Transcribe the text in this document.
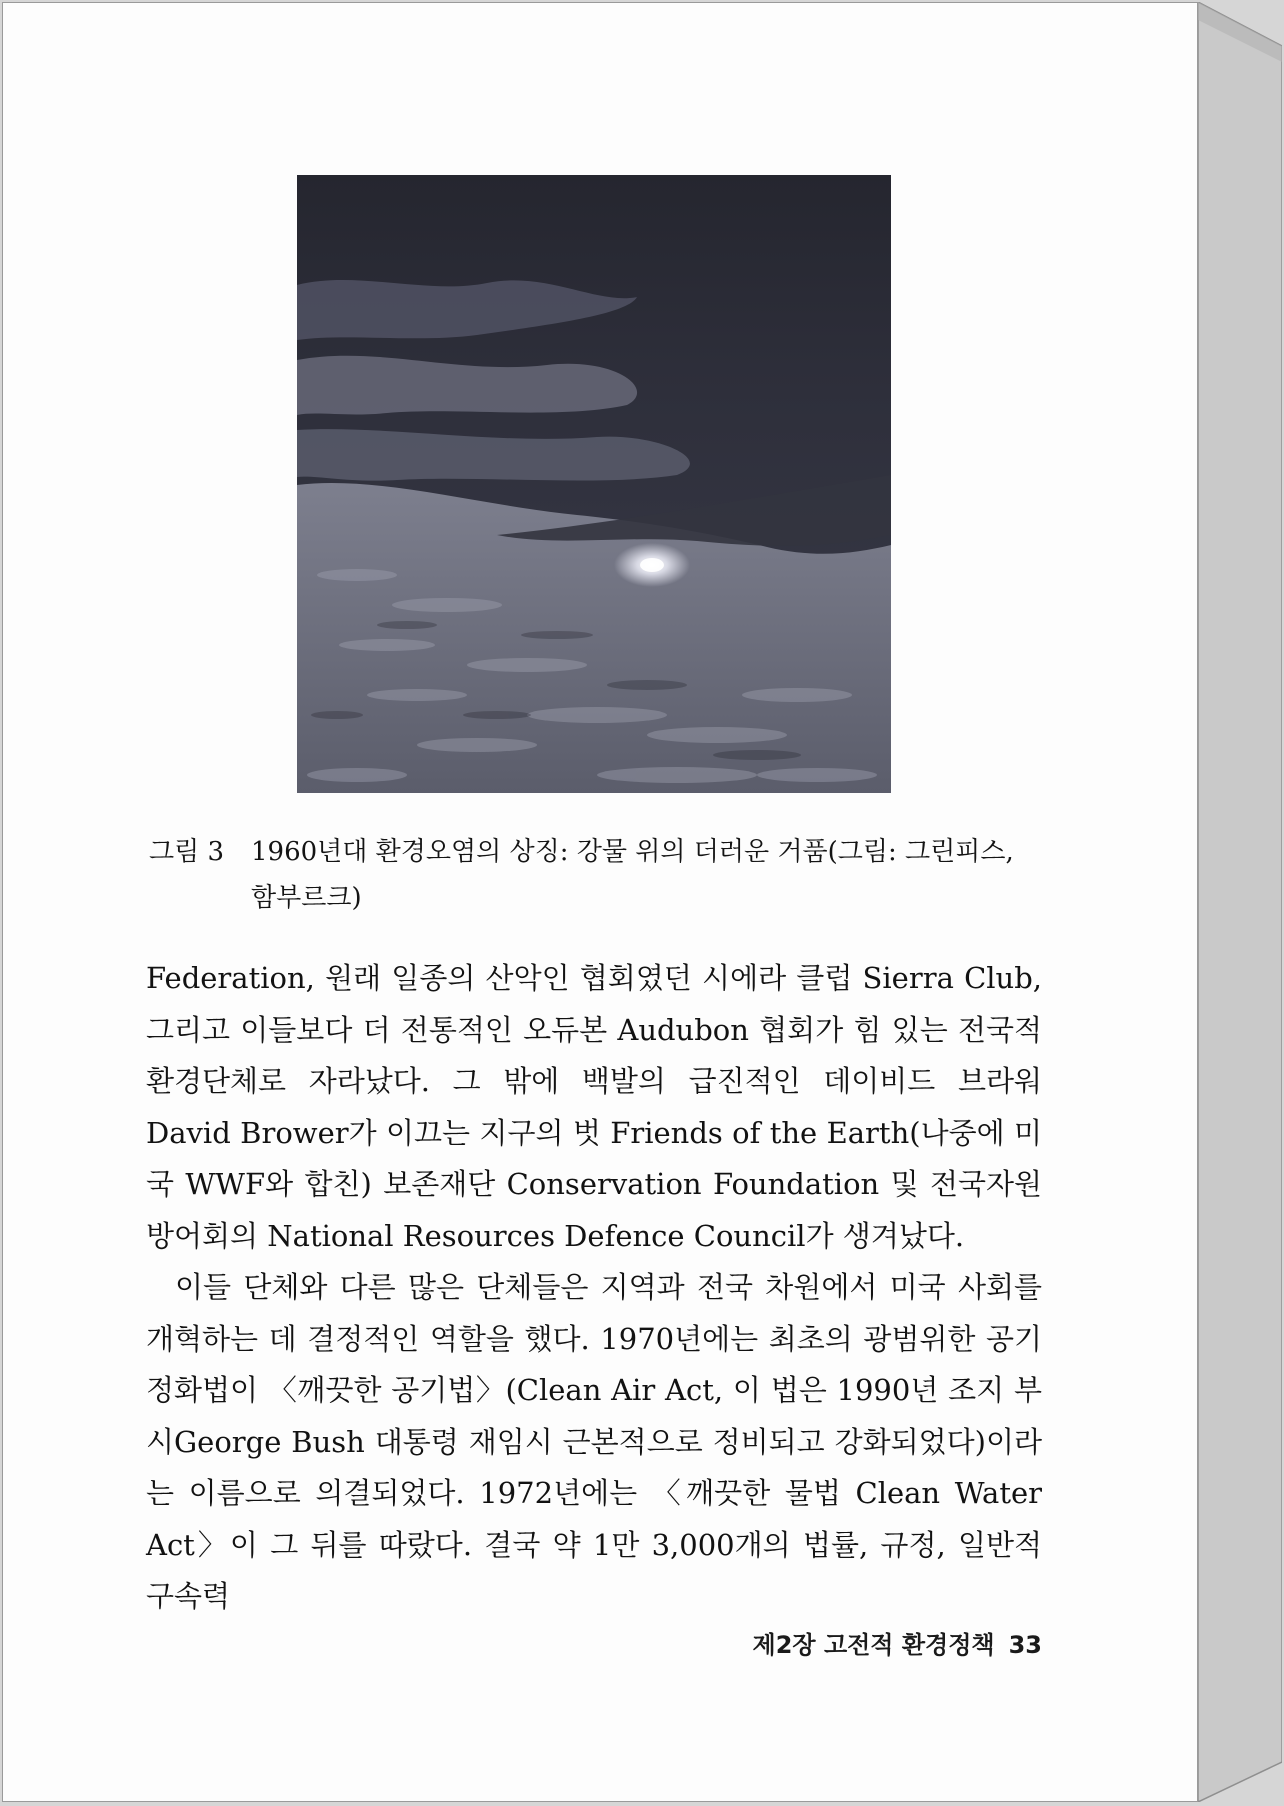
그림 3 1960년대 환경오염의 상징: 강물 위의 더러운 거품(그림: 그린피스, 함부르크)

Federation, 원래 일종의 산악인 협회였던 시에라 클럽 Sierra Club, 그리고 이들보다 더 전통적인 오듀본 Audubon 협회가 힘 있는 전국적 환경단체로 자라났다. 그 밖에 백발의 급진적인 데이비드 브라워 David Brower가 이끄는 지구의 벗 Friends of the Earth(나중에 미국 WWF와 합친) 보존재단 Conservation Foundation 및 전국자원방어회의 National Resources Defence Council가 생겨났다.

이들 단체와 다른 많은 단체들은 지역과 전국 차원에서 미국 사회를 개혁하는 데 결정적인 역할을 했다. 1970년에는 최초의 광범위한 공기정화법이 〈깨끗한 공기법〉(Clean Air Act, 이 법은 1990년 조지 부시George Bush 대통령 재임시 근본적으로 정비되고 강화되었다)이라는 이름으로 의결되었다. 1972년에는 〈깨끗한 물법 Clean Water Act〉이 그 뒤를 따랐다. 결국 약 1만 3,000개의 법률, 규정, 일반적 구속력

제2장 고전적 환경정책 33
